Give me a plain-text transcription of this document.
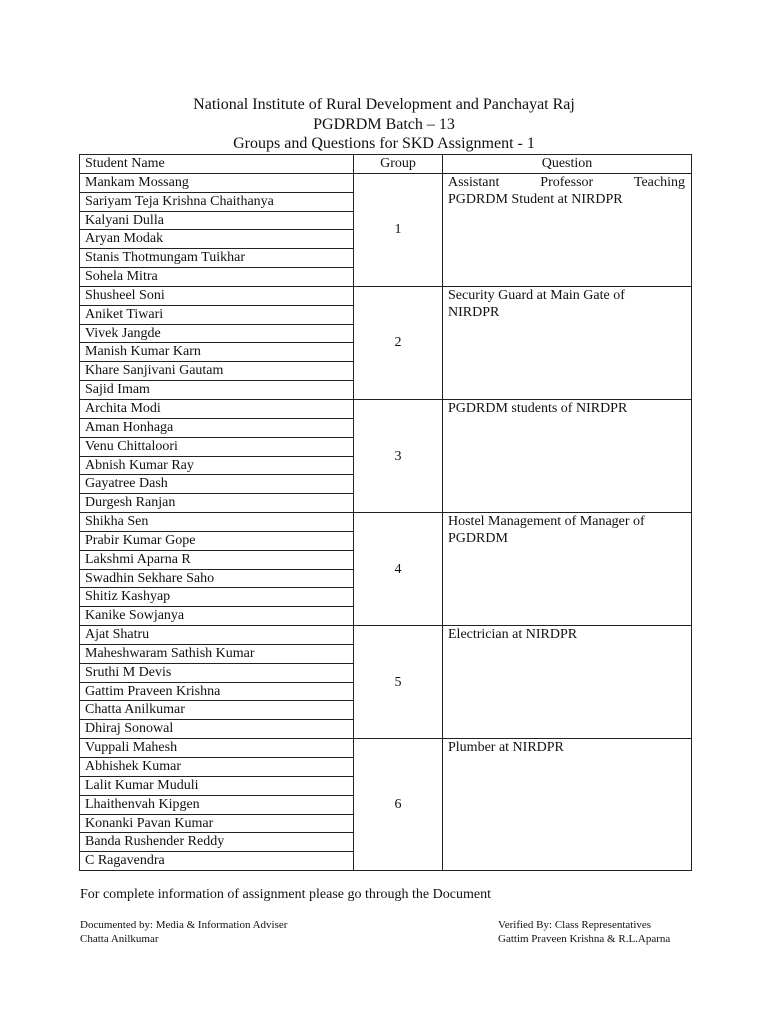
National Institute of Rural Development and Panchayat Raj
PGDRDM Batch – 13
Groups and Questions for SKD Assignment - 1
Student Name	Group	Question
Mankam Mossang	1	Assistant Professor Teaching
PGDRDM Student at NIRDPR

Sariyam Teja Krishna Chaithanya		
Kalyani Dulla		
Aryan Modak		
Stanis Thotmungam Tuikhar		
Sohela Mitra		
Shusheel Soni	2	Security Guard at Main Gate of
NIRDPR

Aniket Tiwari		
Vivek Jangde		
Manish Kumar Karn		
Khare Sanjivani Gautam		
Sajid Imam		
Archita Modi	3	PGDRDM students of NIRDPR

Aman Honhaga		
Venu Chittaloori		
Abnish Kumar Ray		
Gayatree Dash		
Durgesh Ranjan		
Shikha Sen	4	Hostel Management of Manager of
PGDRDM

Prabir Kumar Gope		
Lakshmi Aparna R		
Swadhin Sekhare Saho		
Shitiz Kashyap		
Kanike Sowjanya		
Ajat Shatru	5	Electrician at NIRDPR

Maheshwaram Sathish Kumar		
Sruthi M Devis		
Gattim Praveen Krishna		
Chatta Anilkumar		
Dhiraj Sonowal		
Vuppali Mahesh	6	Plumber at NIRDPR

Abhishek Kumar		
Lalit Kumar Muduli		
Lhaithenvah Kipgen		
Konanki Pavan Kumar		
Banda Rushender Reddy		
C Ragavendra		
For complete information of assignment please go through the Document
Documented by: Media & Information Adviser
Chatta Anilkumar
Verified By: Class Representatives
Gattim Praveen Krishna & R.L.Aparna
